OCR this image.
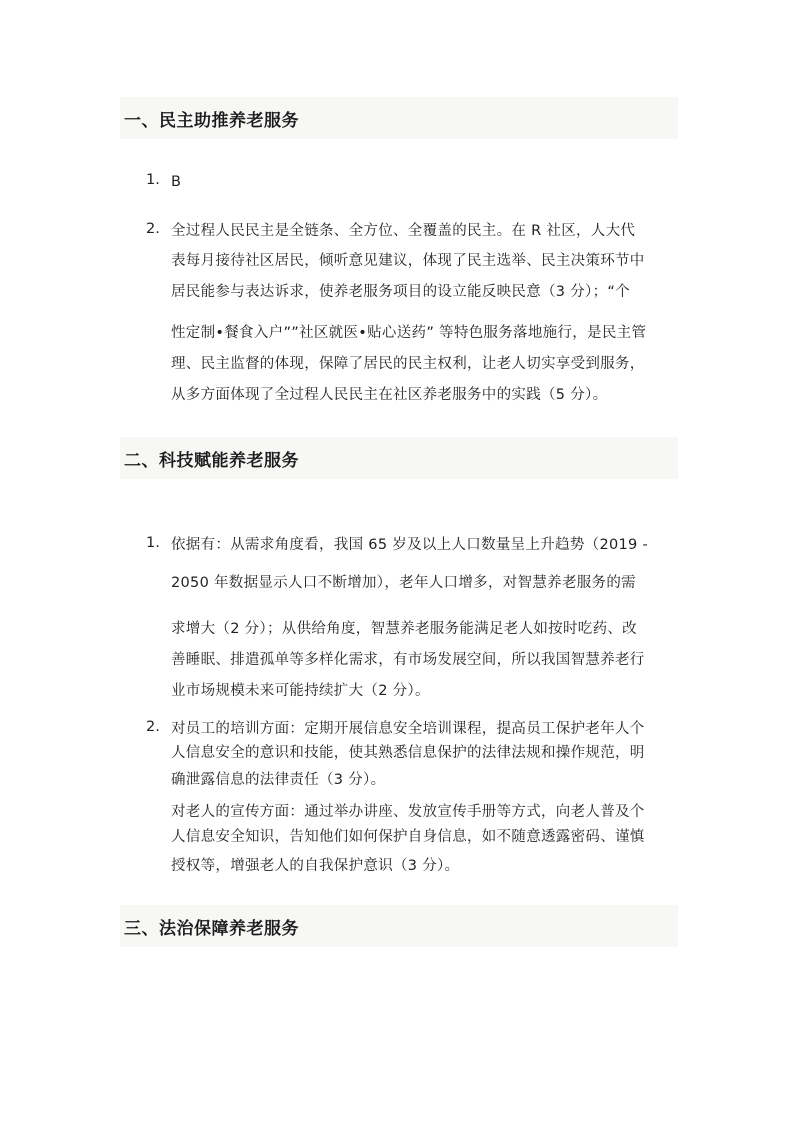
一、民主助推养老服务
1. B
2. 全过程人民民主是全链条、全方位、全覆盖的民主。在 R 社区，人大代
表每月接待社区居民，倾听意见建议，体现了民主选举、民主决策环节中
居民能参与表达诉求，使养老服务项目的设立能反映民意（3 分）；“个
性定制•餐食入户””社区就医•贴心送药” 等特色服务落地施行，是民主管
理、民主监督的体现，保障了居民的民主权利，让老人切实享受到服务，
从多方面体现了全过程人民民主在社区养老服务中的实践（5 分）。
二、科技赋能养老服务
1. 依据有：从需求角度看，我国 65 岁及以上人口数量呈上升趋势（2019 -
2050 年数据显示人口不断增加），老年人口增多，对智慧养老服务的需
求增大（2 分）；从供给角度，智慧养老服务能满足老人如按时吃药、改
善睡眠、排遣孤单等多样化需求，有市场发展空间，所以我国智慧养老行
业市场规模未来可能持续扩大（2 分）。
2. 对员工的培训方面：定期开展信息安全培训课程，提高员工保护老年人个
人信息安全的意识和技能，使其熟悉信息保护的法律法规和操作规范，明
确泄露信息的法律责任（3 分）。
对老人的宣传方面：通过举办讲座、发放宣传手册等方式，向老人普及个
人信息安全知识，告知他们如何保护自身信息，如不随意透露密码、谨慎
授权等，增强老人的自我保护意识（3 分）。
三、法治保障养老服务
